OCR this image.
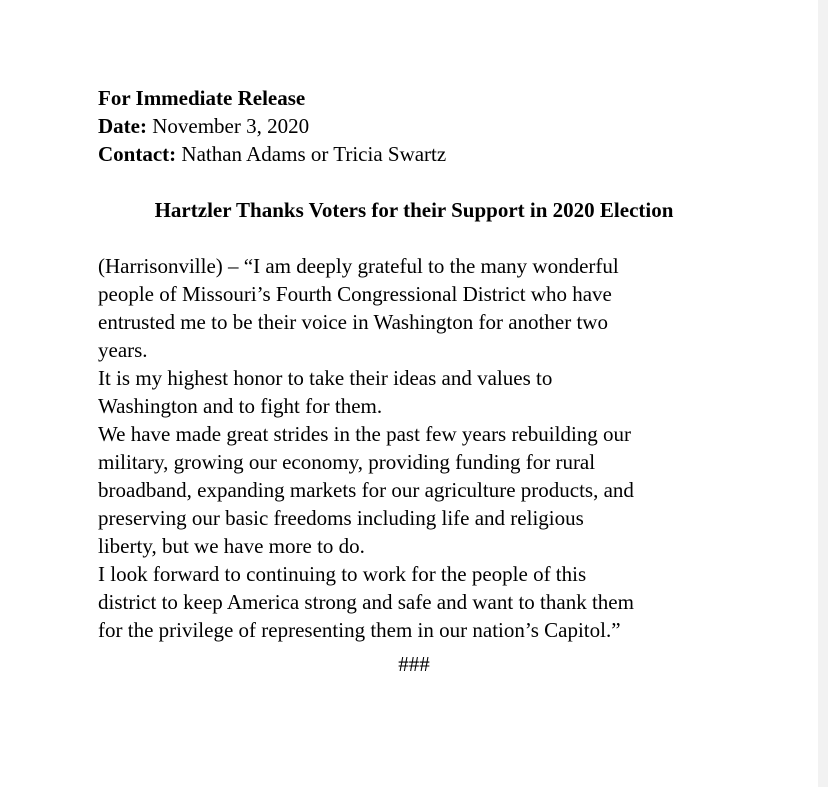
For Immediate Release
Date: November 3, 2020
Contact: Nathan Adams or Tricia Swartz
Hartzler Thanks Voters for their Support in 2020 Election
(Harrisonville) – “I am deeply grateful to the many wonderful
people of Missouri’s Fourth Congressional District who have
entrusted me to be their voice in Washington for another two
years.
It is my highest honor to take their ideas and values to
Washington and to fight for them.
We have made great strides in the past few years rebuilding our
military, growing our economy, providing funding for rural
broadband, expanding markets for our agriculture products, and
preserving our basic freedoms including life and religious
liberty, but we have more to do.
I look forward to continuing to work for the people of this
district to keep America strong and safe and want to thank them
for the privilege of representing them in our nation’s Capitol.”
###
